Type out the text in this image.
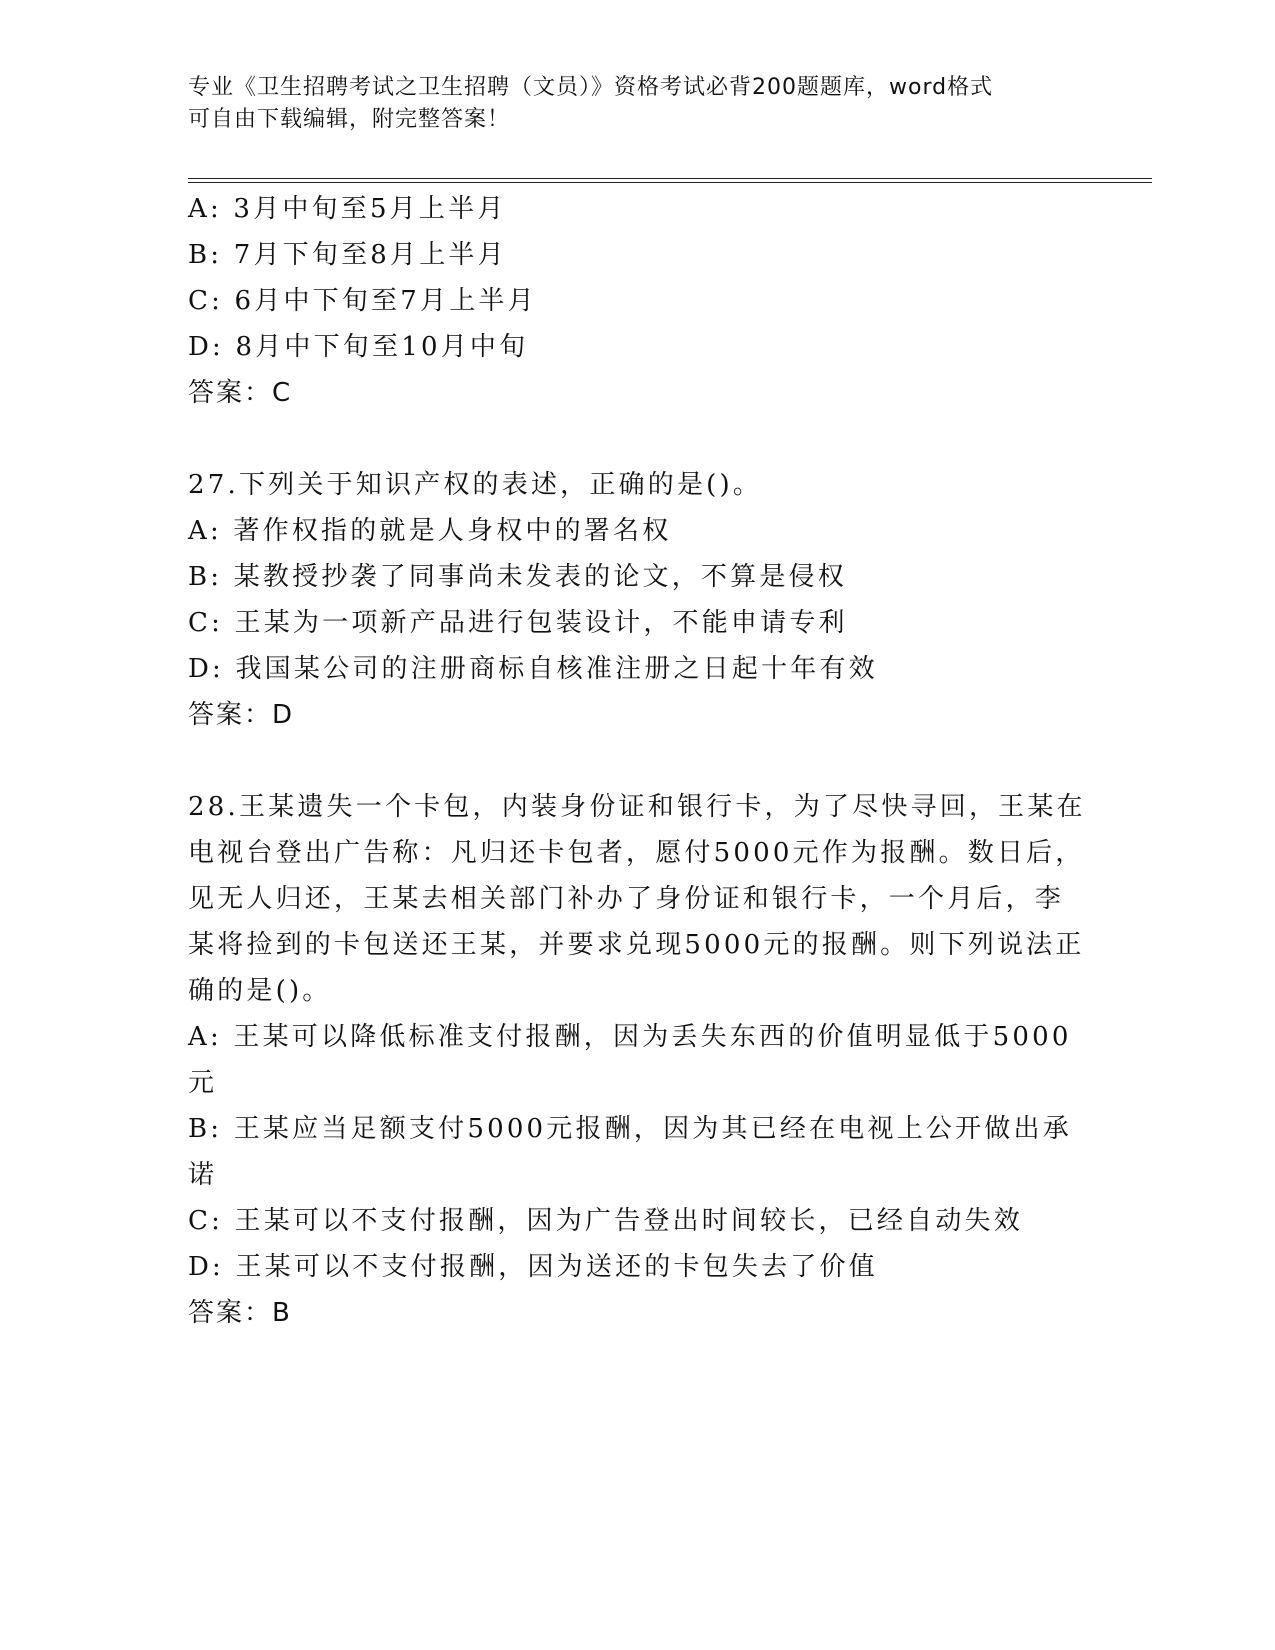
专业《卫生招聘考试之卫生招聘（文员）》资格考试必背200题题库，word格式
可自由下载编辑，附完整答案！
A: 3月中旬至5月上半月
B: 7月下旬至8月上半月
C: 6月中下旬至7月上半月
D: 8月中下旬至10月中旬
答案：C
27.下列关于知识产权的表述，正确的是()。
A: 著作权指的就是人身权中的署名权
B: 某教授抄袭了同事尚未发表的论文，不算是侵权
C: 王某为一项新产品进行包装设计，不能申请专利
D: 我国某公司的注册商标自核准注册之日起十年有效
答案：D
28.王某遗失一个卡包，内装身份证和银行卡，为了尽快寻回，王某在
电视台登出广告称：凡归还卡包者，愿付5000元作为报酬。数日后，
见无人归还，王某去相关部门补办了身份证和银行卡，一个月后，李
某将捡到的卡包送还王某，并要求兑现5000元的报酬。则下列说法正
确的是()。
A: 王某可以降低标准支付报酬，因为丢失东西的价值明显低于5000
元
B: 王某应当足额支付5000元报酬，因为其已经在电视上公开做出承
诺
C: 王某可以不支付报酬，因为广告登出时间较长，已经自动失效
D: 王某可以不支付报酬，因为送还的卡包失去了价值
答案：B
